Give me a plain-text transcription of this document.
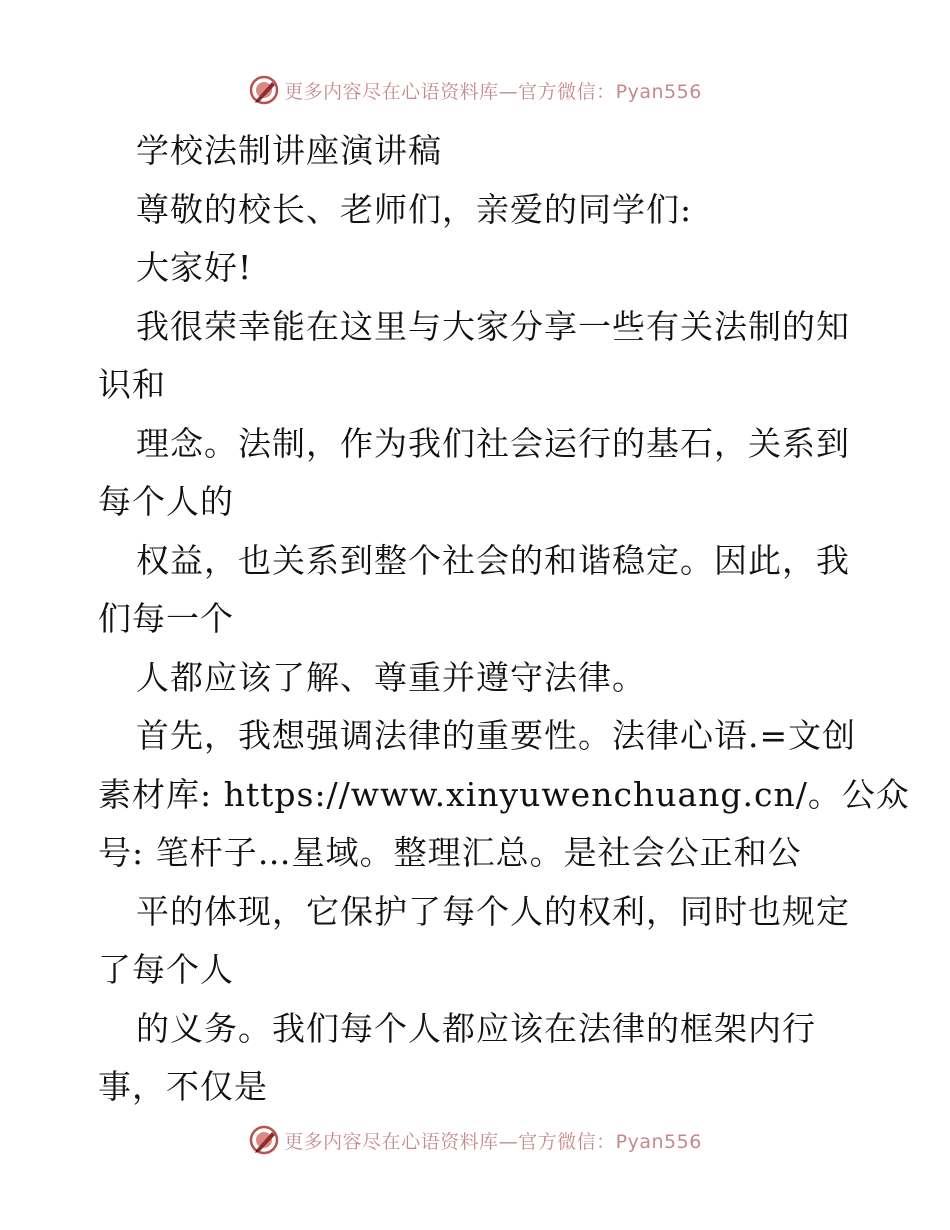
更多内容尽在心语资料库—官方微信：Pyan556
学校法制讲座演讲稿
尊敬的校长、老师们，亲爱的同学们:
大家好!
我很荣幸能在这里与大家分享一些有关法制的知
识和
理念。法制，作为我们社会运行的基石，关系到
每个人的
权益，也关系到整个社会的和谐稳定。因此，我
们每一个
人都应该了解、尊重并遵守法律。
首先，我想强调法律的重要性。法律心语.=文创
素材库: https://www.xinyuwenchuang.cn/。公众
号: 笔杆子…星域。整理汇总。是社会公正和公
平的体现，它保护了每个人的权利，同时也规定
了每个人
的义务。我们每个人都应该在法律的框架内行
事，不仅是
更多内容尽在心语资料库—官方微信：Pyan556
